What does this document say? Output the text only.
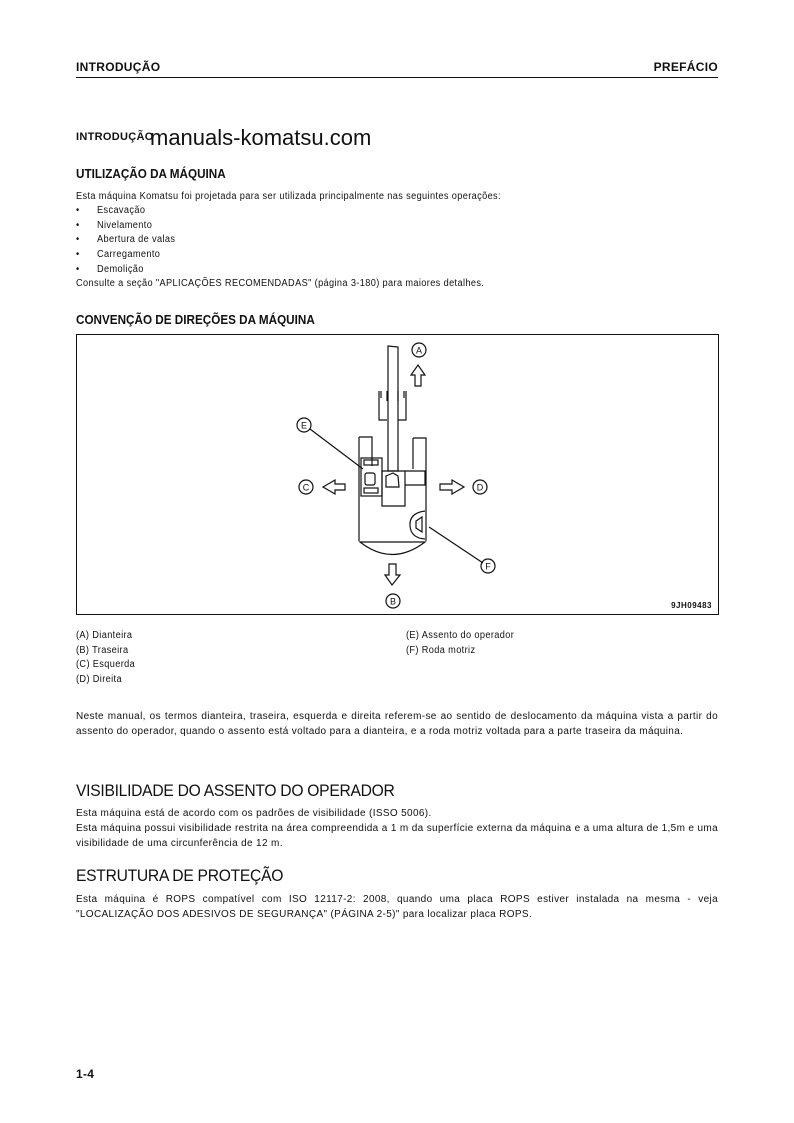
INTRODUÇÃO	PREFÁCIO
INTRODUÇÃO
manuals-komatsu.com
UTILIZAÇÃO DA MÁQUINA
Esta máquina Komatsu foi projetada para ser utilizada principalmente nas seguintes operações:
• Escavação
• Nivelamento
• Abertura de valas
• Carregamento
• Demolição
Consulte a seção "APLICAÇÕES RECOMENDADAS" (página 3-180) para maiores detalhes.
CONVENÇÃO DE DIREÇÕES DA MÁQUINA
A
B
C	D
E
F
9JH09483
(A) Dianteira
(B) Traseira
(C) Esquerda
(D) Direita
(E) Assento do operador
(F) Roda motriz
Neste manual, os termos dianteira, traseira, esquerda e direita referem-se ao sentido de deslocamento da máquina vista a partir do assento do operador, quando o assento está voltado para a dianteira, e a roda motriz voltada para a parte traseira da máquina.
VISIBILIDADE DO ASSENTO DO OPERADOR
Esta máquina está de acordo com os padrões de visibilidade (ISSO 5006).
Esta máquina possui visibilidade restrita na área compreendida a 1 m da superfície externa da máquina e a uma altura de 1,5m e uma visibilidade de uma circunferência de 12 m.
ESTRUTURA DE PROTEÇÃO
Esta máquina é ROPS compatível com ISO 12117-2: 2008, quando uma placa ROPS estiver instalada na mesma - veja "LOCALIZAÇÃO DOS ADESIVOS DE SEGURANÇA" (PÁGINA 2-5)" para localizar placa ROPS.
1-4
